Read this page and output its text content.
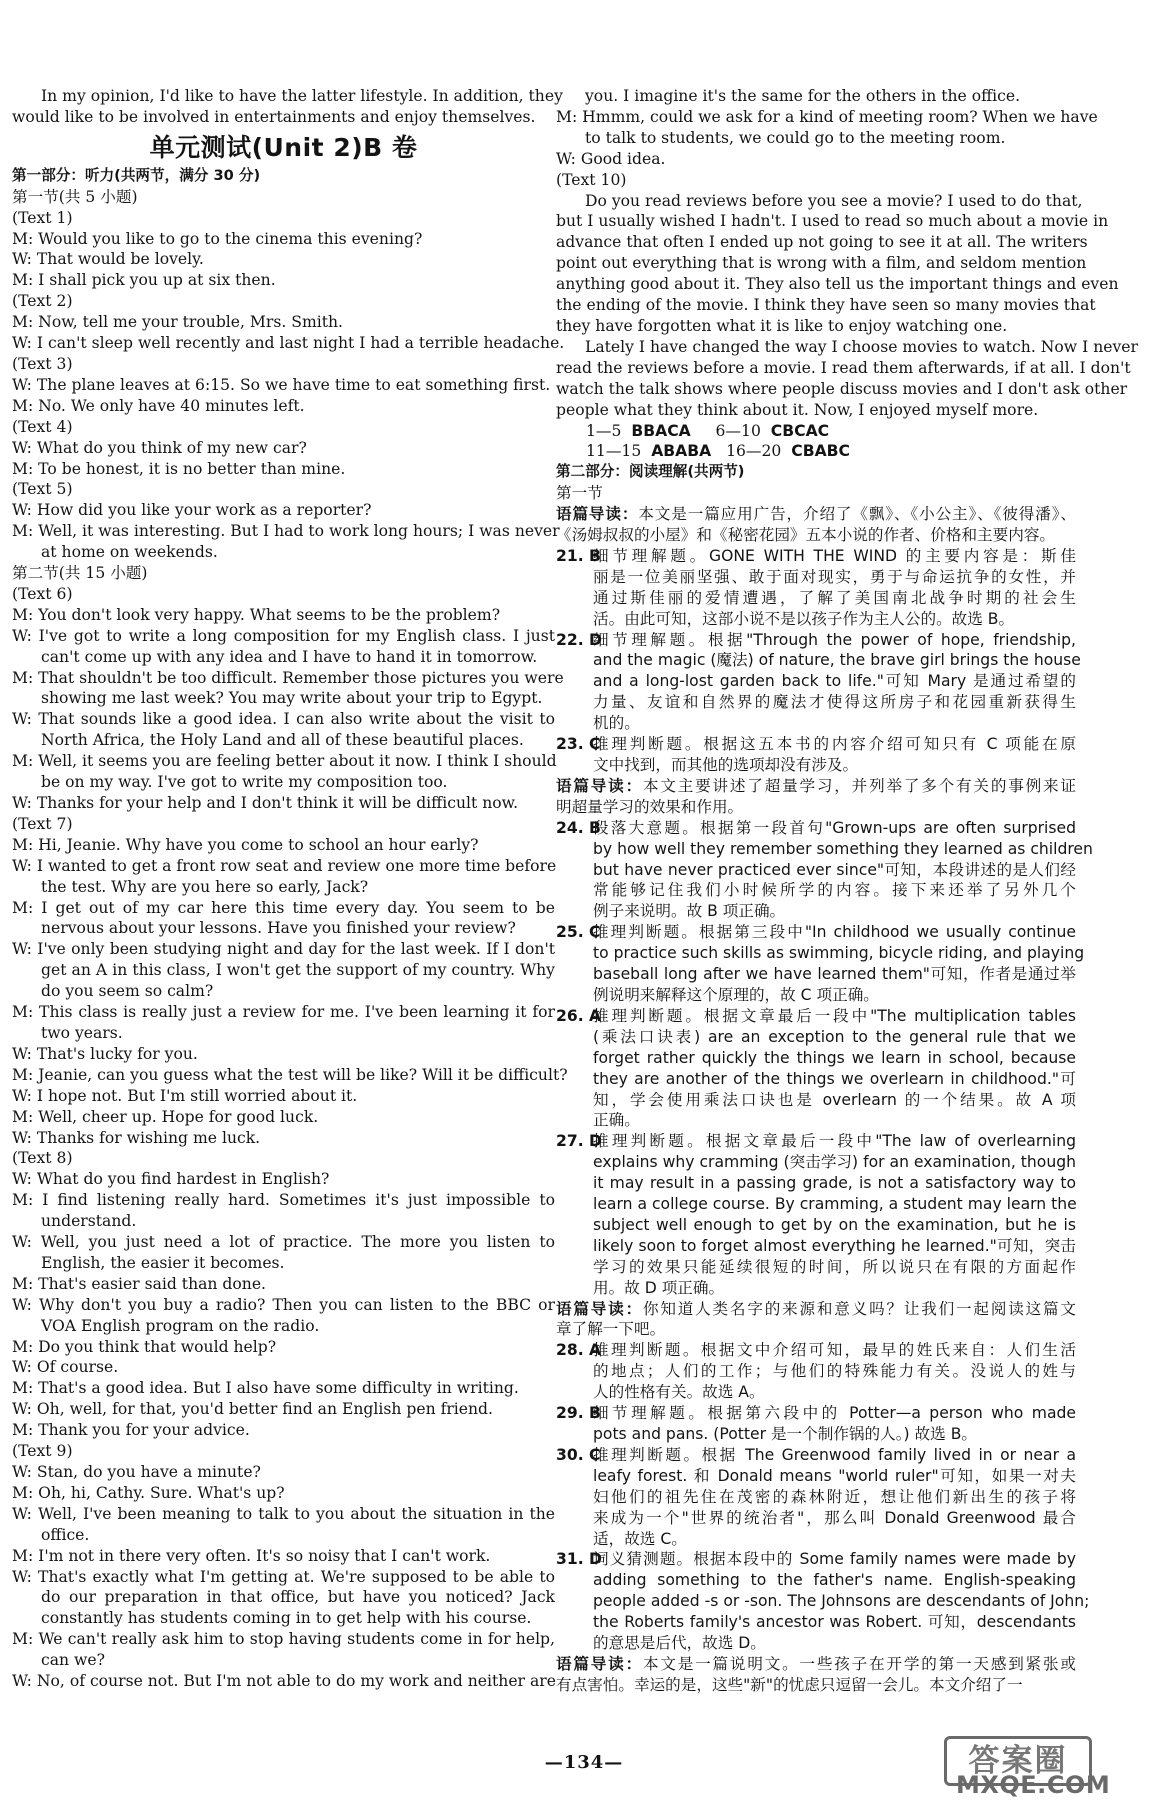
In my opinion, I'd like to have the latter lifestyle. In addition, they
would like to be involved in entertainments and enjoy themselves.
单元测试(Unit 2)B 卷
第一部分：听力(共两节，满分 30 分)
第一节(共 5 小题)
(Text 1)
M: Would you like to go to the cinema this evening?
W: That would be lovely.
M: I shall pick you up at six then.
(Text 2)
M: Now, tell me your trouble, Mrs. Smith.
W: I can't sleep well recently and last night I had a terrible headache.
(Text 3)
W: The plane leaves at 6:15. So we have time to eat something first.
M: No. We only have 40 minutes left.
(Text 4)
W: What do you think of my new car?
M: To be honest, it is no better than mine.
(Text 5)
W: How did you like your work as a reporter?
M: Well, it was interesting. But I had to work long hours; I was never
at home on weekends.
第二节(共 15 小题)
(Text 6)
M: You don't look very happy. What seems to be the problem?
W: I've got to write a long composition for my English class. I just
can't come up with any idea and I have to hand it in tomorrow.
M: That shouldn't be too difficult. Remember those pictures you were
showing me last week? You may write about your trip to Egypt.
W: That sounds like a good idea. I can also write about the visit to
North Africa, the Holy Land and all of these beautiful places.
M: Well, it seems you are feeling better about it now. I think I should
be on my way. I've got to write my composition too.
W: Thanks for your help and I don't think it will be difficult now.
(Text 7)
M: Hi, Jeanie. Why have you come to school an hour early?
W: I wanted to get a front row seat and review one more time before
the test. Why are you here so early, Jack?
M: I get out of my car here this time every day. You seem to be
nervous about your lessons. Have you finished your review?
W: I've only been studying night and day for the last week. If I don't
get an A in this class, I won't get the support of my country. Why
do you seem so calm?
M: This class is really just a review for me. I've been learning it for
two years.
W: That's lucky for you.
M: Jeanie, can you guess what the test will be like? Will it be difficult?
W: I hope not. But I'm still worried about it.
M: Well, cheer up. Hope for good luck.
W: Thanks for wishing me luck.
(Text 8)
W: What do you find hardest in English?
M: I find listening really hard. Sometimes it's just impossible to
understand.
W: Well, you just need a lot of practice. The more you listen to
English, the easier it becomes.
M: That's easier said than done.
W: Why don't you buy a radio? Then you can listen to the BBC or
VOA English program on the radio.
M: Do you think that would help?
W: Of course.
M: That's a good idea. But I also have some difficulty in writing.
W: Oh, well, for that, you'd better find an English pen friend.
M: Thank you for your advice.
(Text 9)
W: Stan, do you have a minute?
M: Oh, hi, Cathy. Sure. What's up?
W: Well, I've been meaning to talk to you about the situation in the
office.
M: I'm not in there very often. It's so noisy that I can't work.
W: That's exactly what I'm getting at. We're supposed to be able to
do our preparation in that office, but have you noticed? Jack
constantly has students coming in to get help with his course.
M: We can't really ask him to stop having students come in for help,
can we?
W: No, of course not. But I'm not able to do my work and neither are
you. I imagine it's the same for the others in the office.
M: Hmmm, could we ask for a kind of meeting room? When we have
to talk to students, we could go to the meeting room.
W: Good idea.
(Text 10)
Do you read reviews before you see a movie? I used to do that,
but I usually wished I hadn't. I used to read so much about a movie in
advance that often I ended up not going to see it at all. The writers
point out everything that is wrong with a film, and seldom mention
anything good about it. They also tell us the important things and even
the ending of the movie. I think they have seen so many movies that
they have forgotten what it is like to enjoy watching one.
Lately I have changed the way I choose movies to watch. Now I never
read the reviews before a movie. I read them afterwards, if at all. I don't
watch the talk shows where people discuss movies and I don't ask other
people what they think about it. Now, I enjoyed myself more.
1—5 BBACA 6—10 CBCAC
11—15 ABABA 16—20 CBABC
第二部分：阅读理解(共两节)
第一节
语篇导读：本文是一篇应用广告，介绍了《飘》、《小公主》、《彼得潘》、
《汤姆叔叔的小屋》和《秘密花园》五本小说的作者、价格和主要内容。
21. B
细节理解题。GONE WITH THE WIND 的主要内容是：斯佳
丽是一位美丽坚强、敢于面对现实，勇于与命运抗争的女性，并
通过斯佳丽的爱情遭遇，了解了美国南北战争时期的社会生
活。由此可知，这部小说不是以孩子作为主人公的。故选 B。
22. D
细节理解题。根据"Through the power of hope, friendship,
and the magic (魔法) of nature, the brave girl brings the house
and a long-lost garden back to life."可知 Mary 是通过希望的
力量、友谊和自然界的魔法才使得这所房子和花园重新获得生
机的。
23. C
推理判断题。根据这五本书的内容介绍可知只有 C 项能在原
文中找到，而其他的选项却没有涉及。
语篇导读：本文主要讲述了超量学习，并列举了多个有关的事例来证
明超量学习的效果和作用。
24. B
段落大意题。根据第一段首句"Grown-ups are often surprised
by how well they remember something they learned as children
but have never practiced ever since"可知，本段讲述的是人们经
常能够记住我们小时候所学的内容。接下来还举了另外几个
例子来说明。故 B 项正确。
25. C
推理判断题。根据第三段中"In childhood we usually continue
to practice such skills as swimming, bicycle riding, and playing
baseball long after we have learned them"可知，作者是通过举
例说明来解释这个原理的，故 C 项正确。
26. A
推理判断题。根据文章最后一段中"The multiplication tables
(乘法口诀表) are an exception to the general rule that we
forget rather quickly the things we learn in school, because
they are another of the things we overlearn in childhood."可
知，学会使用乘法口诀也是 overlearn 的一个结果。故 A 项
正确。
27. D
推理判断题。根据文章最后一段中"The law of overlearning
explains why cramming (突击学习) for an examination, though
it may result in a passing grade, is not a satisfactory way to
learn a college course. By cramming, a student may learn the
subject well enough to get by on the examination, but he is
likely soon to forget almost everything he learned."可知，突击
学习的效果只能延续很短的时间，所以说只在有限的方面起作
用。故 D 项正确。
语篇导读：你知道人类名字的来源和意义吗？让我们一起阅读这篇文
章了解一下吧。
28. A
推理判断题。根据文中介绍可知，最早的姓氏来自：人们生活
的地点；人们的工作；与他们的特殊能力有关。没说人的姓与
人的性格有关。故选 A。
29. B
细节理解题。根据第六段中的 Potter—a person who made
pots and pans. (Potter 是一个制作锅的人。) 故选 B。
30. C
推理判断题。根据 The Greenwood family lived in or near a
leafy forest. 和 Donald means "world ruler"可知，如果一对夫
妇他们的祖先住在茂密的森林附近，想让他们新出生的孩子将
来成为一个"世界的统治者"，那么叫 Donald Greenwood 最合
适，故选 C。
31. D
词义猜测题。根据本段中的 Some family names were made by
adding something to the father's name. English-speaking
people added -s or -son. The Johnsons are descendants of John;
the Roberts family's ancestor was Robert. 可知，descendants
的意思是后代，故选 D。
语篇导读：本文是一篇说明文。一些孩子在开学的第一天感到紧张或
有点害怕。幸运的是，这些"新"的忧虑只逗留一会儿。本文介绍了一
—134—	答案圈
MXQE.COM
